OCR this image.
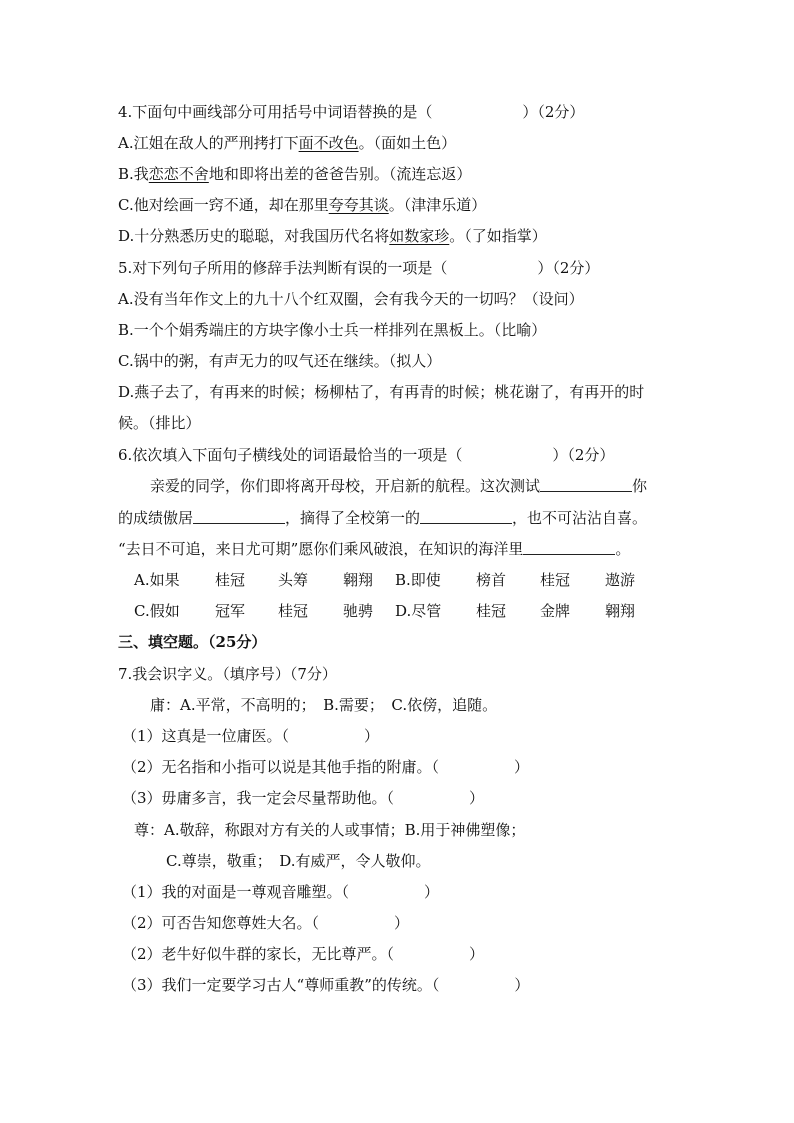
4.下面句中画线部分可用括号中词语替换的是（　　　　　　）（2分）
A.江姐在敌人的严刑拷打下面不改色。（面如土色）
B.我恋恋不舍地和即将出差的爸爸告别。（流连忘返）
C.他对绘画一窍不通，却在那里夸夸其谈。（津津乐道）
D.十分熟悉历史的聪聪，对我国历代名将如数家珍。（了如指掌）
5.对下列句子所用的修辞手法判断有误的一项是（　　　　　　）（2分）
A.没有当年作文上的九十八个红双圈，会有我今天的一切吗？（设问）
B.一个个娟秀端庄的方块字像小士兵一样排列在黑板上。（比喻）
C.锅中的粥，有声无力的叹气还在继续。（拟人）
D.燕子去了，有再来的时候；杨柳枯了，有再青的时候；桃花谢了，有再开的时
候。（排比）
6.依次填入下面句子横线处的词语最恰当的一项是（　　　　　　）（2分）
亲爱的同学，你们即将离开母校，开启新的航程。这次测试	你
的成绩傲居	，摘得了全校第一的	，也不可沾沾自喜。
“去日不可追，来日尤可期”愿你们乘风破浪，在知识的海洋里	。
A.如果 桂冠 头筹 翱翔 B.即使 榜首 桂冠 遨游
C.假如 冠军 桂冠 驰骋 D.尽管 桂冠 金牌 翱翔
三、填空题。（25分）
7.我会识字义。（填序号）（7分）
庸：A.平常，不高明的；　B.需要；　C.依傍，追随。
（1）这真是一位庸医。（　　　　　）
（2）无名指和小指可以说是其他手指的附庸。（　　　　　）
（3）毋庸多言，我一定会尽量帮助他。（　　　　　）
尊：A.敬辞，称跟对方有关的人或事情；B.用于神佛塑像；
C.尊崇，敬重；　D.有威严，令人敬仰。
（1）我的对面是一尊观音雕塑。（　　　　　）
（2）可否告知您尊姓大名。（　　　　　）
（2）老牛好似牛群的家长，无比尊严。（　　　　　）
（3）我们一定要学习古人“尊师重教”的传统。（　　　　　）
